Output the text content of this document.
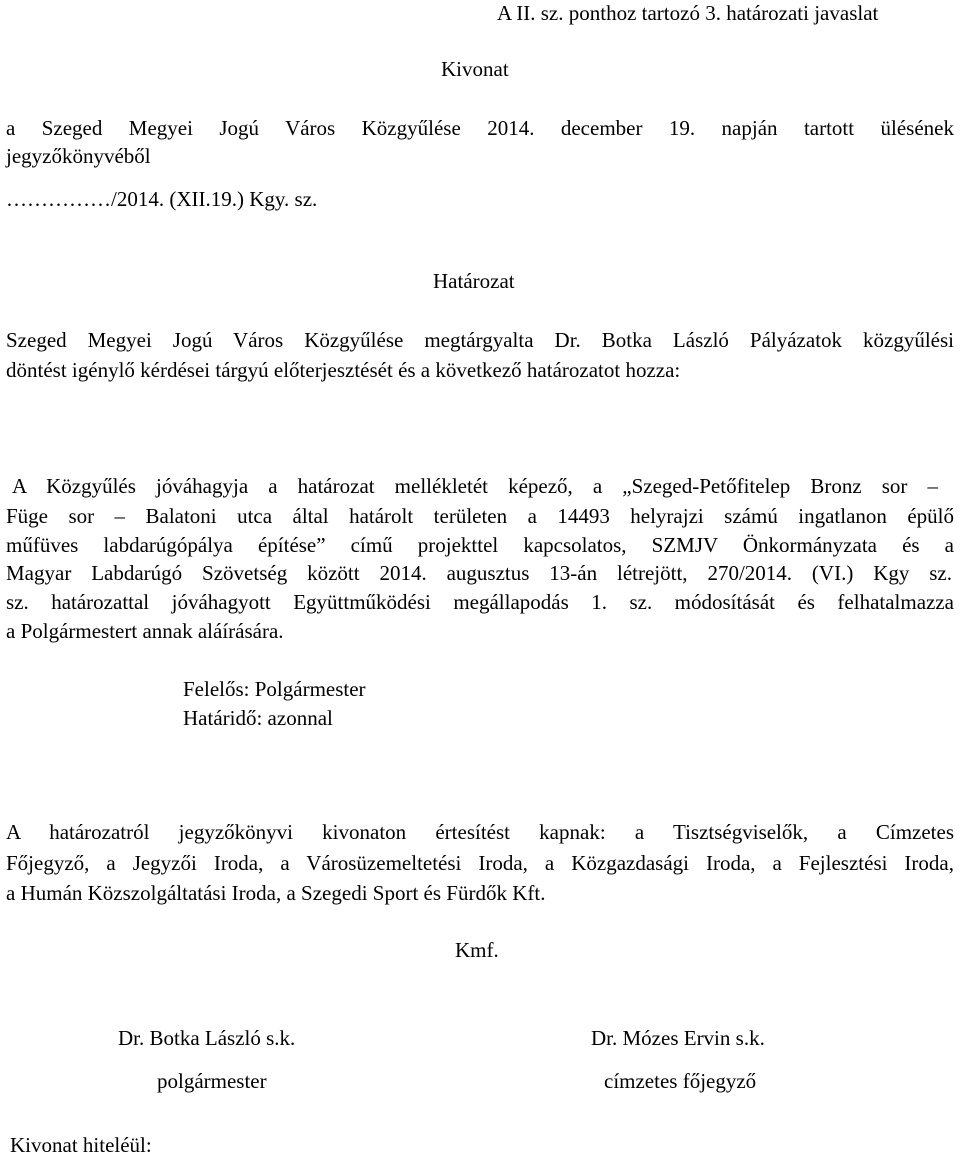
A II. sz. ponthoz tartozó 3. határozati javaslat
Kivonat
a Szeged Megyei Jogú Város Közgyűlése 2014. december 19. napján tartott ülésének
jegyzőkönyvéből
……………/2014. (XII.19.) Kgy. sz.
Határozat
Szeged Megyei Jogú Város Közgyűlése megtárgyalta Dr. Botka László Pályázatok közgyűlési
döntést igénylő kérdései tárgyú előterjesztését és a következő határozatot hozza:
A Közgyűlés jóváhagyja a határozat mellékletét képező, a „Szeged-Petőfitelep Bronz sor –
Füge sor – Balatoni utca által határolt területen a 14493 helyrajzi számú ingatlanon épülő
műfüves labdarúgópálya építése” című projekttel kapcsolatos, SZMJV Önkormányzata és a
Magyar Labdarúgó Szövetség között 2014. augusztus 13-án létrejött, 270/2014. (VI.) Kgy sz.
sz. határozattal jóváhagyott Együttműködési megállapodás 1. sz. módosítását és felhatalmazza
a Polgármestert annak aláírására.
Felelős: Polgármester
Határidő: azonnal
A határozatról jegyzőkönyvi kivonaton értesítést kapnak: a Tisztségviselők, a Címzetes
Főjegyző, a Jegyzői Iroda, a Városüzemeltetési Iroda, a Közgazdasági Iroda, a Fejlesztési Iroda,
a Humán Közszolgáltatási Iroda, a Szegedi Sport és Fürdők Kft.
Kmf.
Dr. Botka László s.k.
polgármester
Dr. Mózes Ervin s.k.
címzetes főjegyző
Kivonat hiteléül:
